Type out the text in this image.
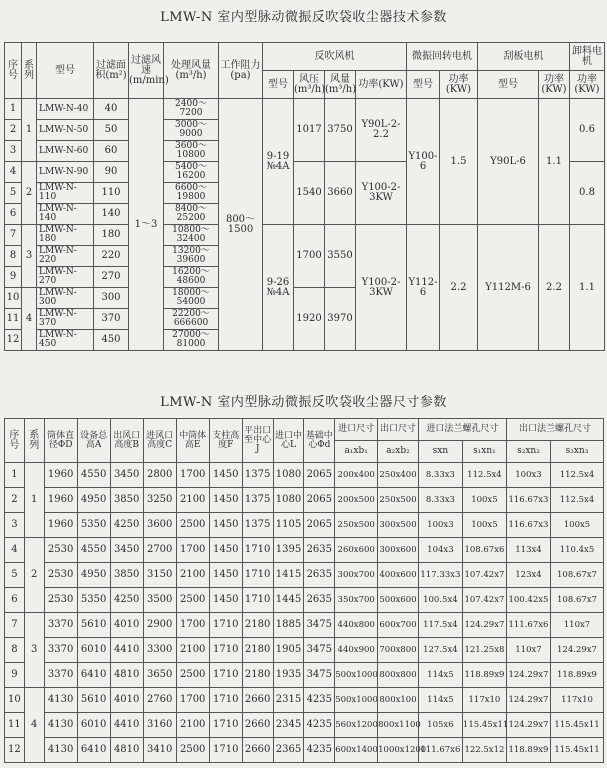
LMW-N 室内型脉动微振反吹袋收尘器技术参数
序号	系列	型号	过滤面积(m²)	过滤风速(m/min)	处理风量(m³/h)	工作阻力(pa)	反吹风机				微振回转电机		刮板电机		卸料电机
							型号	风压(m³/h)	风量(m³/h)	功率(KW)	型号	功率(KW)	型号	功率(KW)	功率(KW)
1	1	LMW-N-40	40	1～3	2400～7200	800～1500	9-19 №4A	1017	3750	Y90L-2-2.2	Y100-6	1.5	Y90L-6	1.1	0.6
2		LMW-N-50	50		3000～9000										
3		LMW-N-60	60		3600～10800										
4	2	LMW-N-90	90		5400～16200			1540	3660	Y100-2-3KW					0.8
5		LMW-N-110	110		6600～19800										
6		LMW-N-140	140		8400～25200										
7	3	LMW-N-180	180		10800～32400		9-26 №4A	1700	3550	Y100-2-3KW	Y112-6	2.2	Y112M-6	2.2	1.1
8		LMW-N-220	220		13200～39600										
9		LMW-N-270	270		16200～48600										
10	4	LMW-N-300	300		18000～54000			1920	3970						
11		LMW-N-370	370		22200～666600										
12		LMW-N-450	450		27000～81000										
LMW-N 室内型脉动微振反吹袋收尘器尺寸参数
序号	系列	筒体直径ΦD	设备总高A	出风口高度B	进风口高度C	中筒体高E	支柱高度F	平出口至中心J	进口中心L	基础中心Φd	进口尺寸	出口尺寸	进口法兰螺孔尺寸		出口法兰螺孔尺寸	
											a₁xb₁	a₂xb₂	sxn	s₁xn₁	s₂xn₂	s₃xn₃
1	1	1960	4550	3450	2800	1700	1450	1375	1080	2065	200x400	250x400	8.33x3	112.5x4	100x3	112.5x4
2		1960	4950	3850	3250	2100	1450	1375	1080	2065	200x500	250x500	8.33x3	100x5	116.67x3	112.5x4
3		1960	5350	4250	3600	2500	1450	1375	1105	2065	250x500	300x500	100x3	100x5	116.67x3	100x5
4	2	2530	4550	3450	2700	1700	1450	1710	1395	2635	260x600	300x600	104x3	108.67x6	113x4	110.4x5
5		2530	4950	3850	3150	2100	1450	1710	1415	2635	300x700	400x600	117.33x3	107.42x7	123x4	108.67x7
6		2530	5350	4250	3500	2500	1450	1710	1445	2635	350x700	500x600	100.5x4	107.42x7	100.42x5	108.67x7
7	3	3370	5610	4010	2900	1700	1710	2180	1885	3475	440x800	600x700	117.5x4	124.29x7	111.67x6	110x7
8		3370	6010	4410	3300	2100	1710	2180	1905	3475	440x900	700x800	127.5x4	121.25x8	110x7	124.29x7
9		3370	6410	4810	3650	2500	1710	2180	1935	3475	500x1000	800x800	114x5	118.89x9	124.29x7	118.89x9
10	4	4130	5610	4010	2760	1700	1710	2660	2315	4235	500x1000	800x100	114x5	117x10	124.29x7	117x10
11		4130	6010	4410	3160	2100	1710	2660	2345	4235	560x1200	800x1100	105x6	115.45x11	124.29x7	115.45x11
12		4130	6410	4810	3410	2500	1710	2660	2365	4235	600x1400	1000x1200	111.67x6	122.5x12	118.89x9	115.45x11
